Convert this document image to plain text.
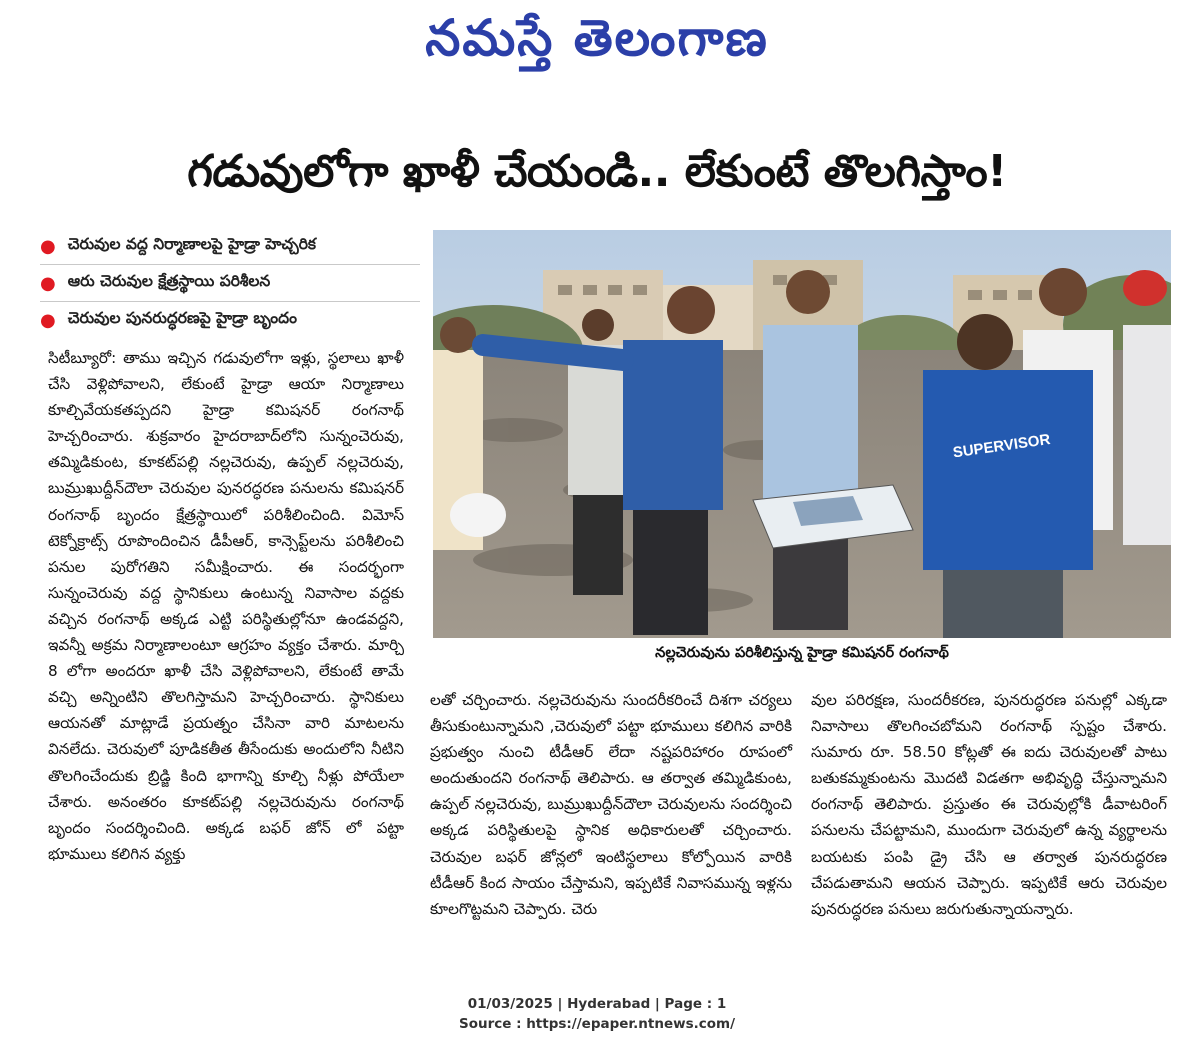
నమస్తే తెలంగాణ
గడువులోగా ఖాళీ చేయండి.. లేకుంటే తొలగిస్తాం!
● చెరువుల వద్ద నిర్మాణాలపై హైడ్రా హెచ్చరిక
● ఆరు చెరువుల క్షేత్రస్థాయి పరిశీలన
● చెరువుల పునరుద్ధరణపై హైడ్రా బృందం

సిటీబ్యూరో: తాము ఇచ్చిన గడువులోగా ఇళ్లు, స్థలాలు ఖాళీ చేసి వెళ్లిపోవాలని, లేకుంటే హైడ్రా ఆయా నిర్మాణాలు కూల్చివేయకతప్పదని హైడ్రా కమిషనర్ రంగనాథ్ హెచ్చరించారు. శుక్రవారం హైదరాబాద్‌లోని సున్నంచెరువు, తమ్మిడికుంట, కూకట్‌పల్లి నల్లచెరువు, ఉప్పల్ నల్లచెరువు, బుమ్రుఖుద్దీన్‌దౌలా చెరువుల పునరద్ధరణ పనులను కమిషనర్ రంగనాథ్ బృందం క్షేత్రస్థాయిలో పరిశీలించింది. విమోస్ టెక్నోక్రాట్స్ రూపొందించిన డీపీఆర్, కాన్సెప్ట్‌లను పరిశీలించి పనుల పురోగతిని సమీక్షించారు. ఈ సందర్భంగా సున్నంచెరువు వద్ద స్థానికులు ఉంటున్న నివాసాల వద్దకు వచ్చిన రంగనాథ్ అక్కడ ఎట్టి పరిస్థితుల్లోనూ ఉండవద్దని, ఇవన్నీ అక్రమ నిర్మాణాలంటూ ఆగ్రహం వ్యక్తం చేశారు. మార్చి 8 లోగా అందరూ ఖాళీ చేసి వెళ్లిపోవాలని, లేకుంటే తామే వచ్చి అన్నింటిని తొలగిస్తామని హెచ్చరించారు. స్థానికులు ఆయనతో మాట్లాడే ప్రయత్నం చేసినా వారి మాటలను వినలేదు. చెరువులో పూడికతీత తీసేందుకు అందులోని నీటిని తొలగించేందుకు బ్రిడ్జి కింది భాగాన్ని కూల్చి నీళ్లు పోయేలా చేశారు. అనంతరం కూకట్‌పల్లి నల్లచెరువును రంగనాథ్ బృందం సందర్శించింది. అక్కడ బఫర్ జోన్ లో పట్టా భూములు కలిగిన వ్యక్తు

SUPERVISOR
నల్లచెరువును పరిశీలిస్తున్న హైడ్రా కమిషనర్ రంగనాథ్

లతో చర్చించారు. నల్లచెరువును సుందరీకరించే దిశగా చర్యలు తీసుకుంటున్నామని ,చెరువులో పట్టా భూములు కలిగిన వారికి ప్రభుత్వం నుంచి టీడీఆర్ లేదా నష్టపరిహారం రూపంలో అందుతుందని రంగనాథ్ తెలిపారు. ఆ తర్వాత తమ్మిడికుంట, ఉప్పల్ నల్లచెరువు, బుమ్రుఖుద్దీన్‌దౌలా చెరువులను సందర్శించి అక్కడ పరిస్థితులపై స్థానిక అధికారులతో చర్చించారు. చెరువుల బఫర్ జోన్లలో ఇంటిస్థలాలు కోల్పోయిన వారికి టీడీఆర్ కింద సాయం చేస్తామని, ఇప్పటికే నివాసమున్న ఇళ్లను కూలగొట్టమని చెప్పారు. చెరు

వుల పరిరక్షణ, సుందరీకరణ, పునరుద్ధరణ పనుల్లో ఎక్కడా నివాసాలు తొలగించబోమని రంగనాథ్ స్పష్టం చేశారు. సుమారు రూ. 58.50 కోట్లతో ఈ ఐదు చెరువులతో పాటు బతుకమ్మకుంటను మొదటి విడతగా అభివృద్ధి చేస్తున్నామని రంగనాథ్ తెలిపారు. ప్రస్తుతం ఈ చెరువుల్లోకి డీవాటరింగ్ పనులను చేపట్టామని, ముందుగా చెరువులో ఉన్న వ్యర్థాలను బయటకు పంపి డ్రై చేసి ఆ తర్వాత పునరుద్ధరణ చేపడుతామని ఆయన చెప్పారు. ఇప్పటికే ఆరు చెరువుల పునరుద్ధరణ పనులు జరుగుతున్నాయన్నారు.

01/03/2025 | Hyderabad | Page : 1
Source : https://epaper.ntnews.com/
